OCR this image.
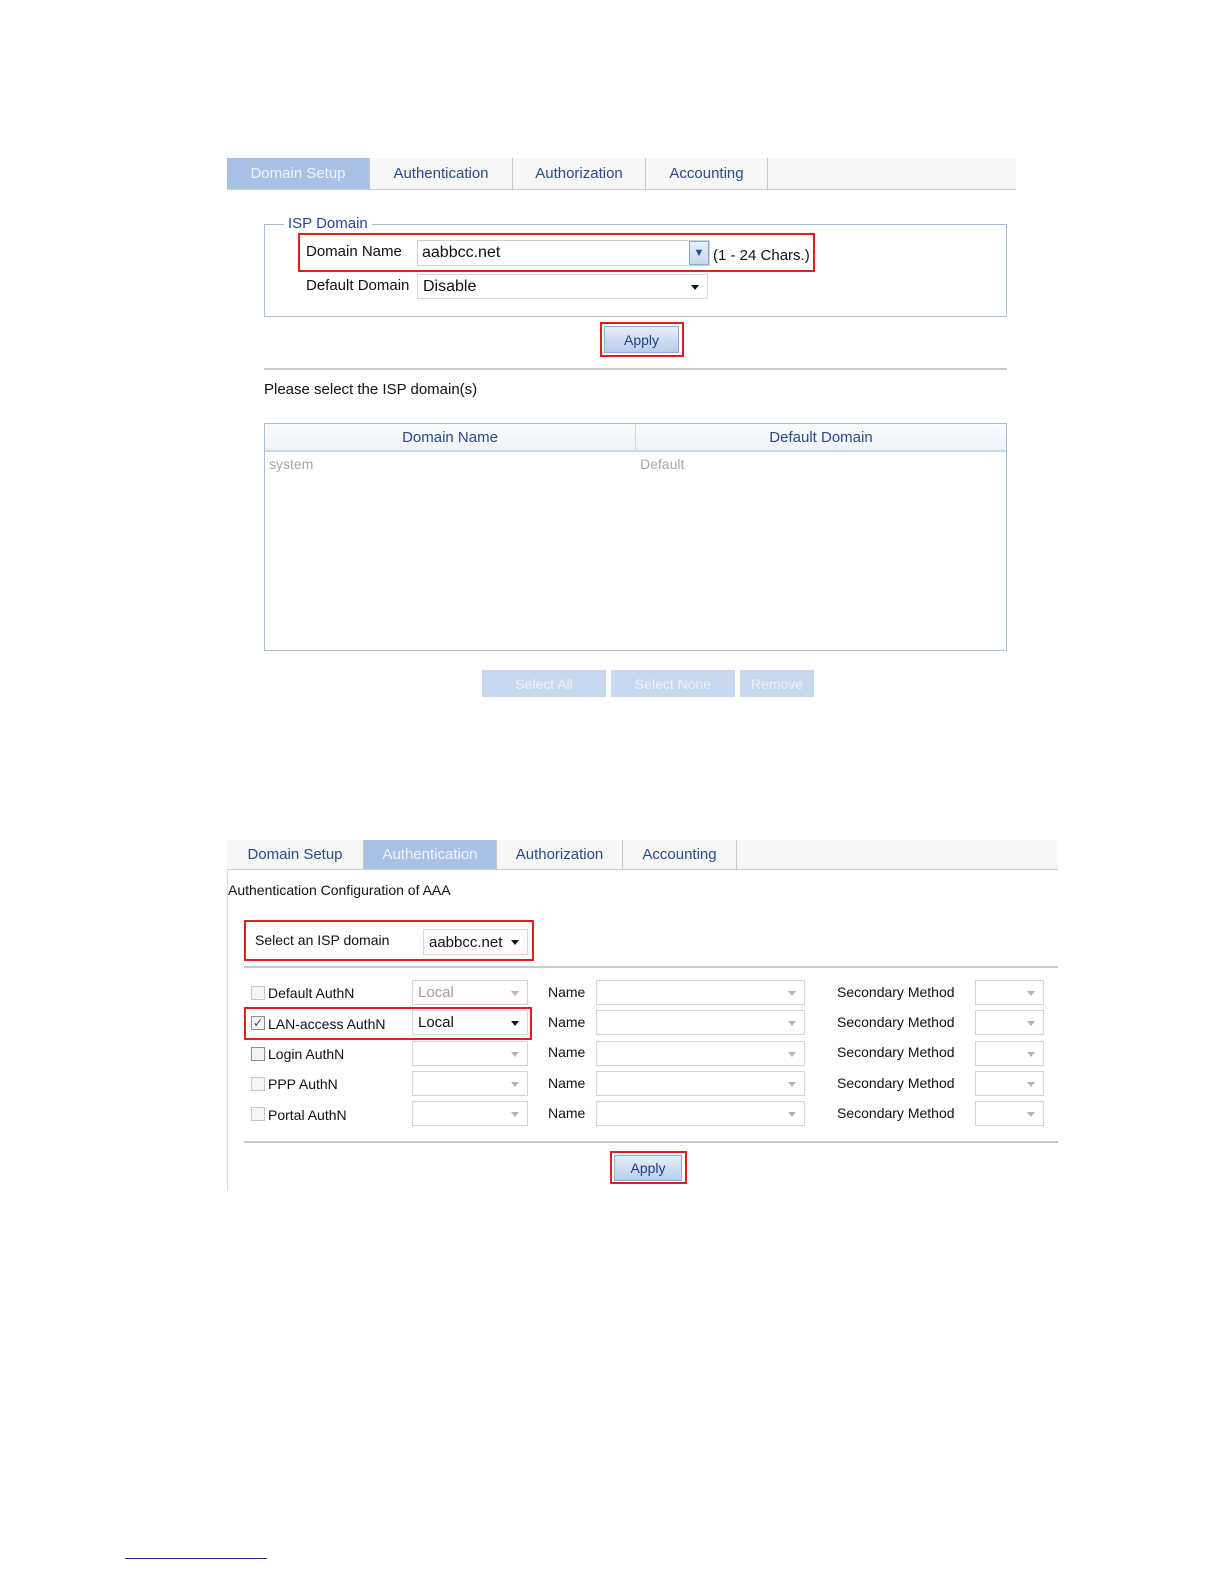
Domain Setup	Authentication	Authorization	Accounting
ISP Domain
Domain Name	aabbcc.net	▼ (1 - 24 Chars.)
Default Domain Disable
Apply
Please select the ISP domain(s)
Domain Name	Default Domain
system	Default
Select All	Select None	Remove
Domain Setup	Authentication	Authorization	Accounting
Authentication Configuration of AAA
Select an ISP domain	aabbcc.net
Default AuthN	Local	Name	Secondary Method
✓ LAN-access AuthN Local	Name	Secondary Method
Login AuthN	Name	Secondary Method
PPP AuthN	Name	Secondary Method
Portal AuthN	Name	Secondary Method
Apply
